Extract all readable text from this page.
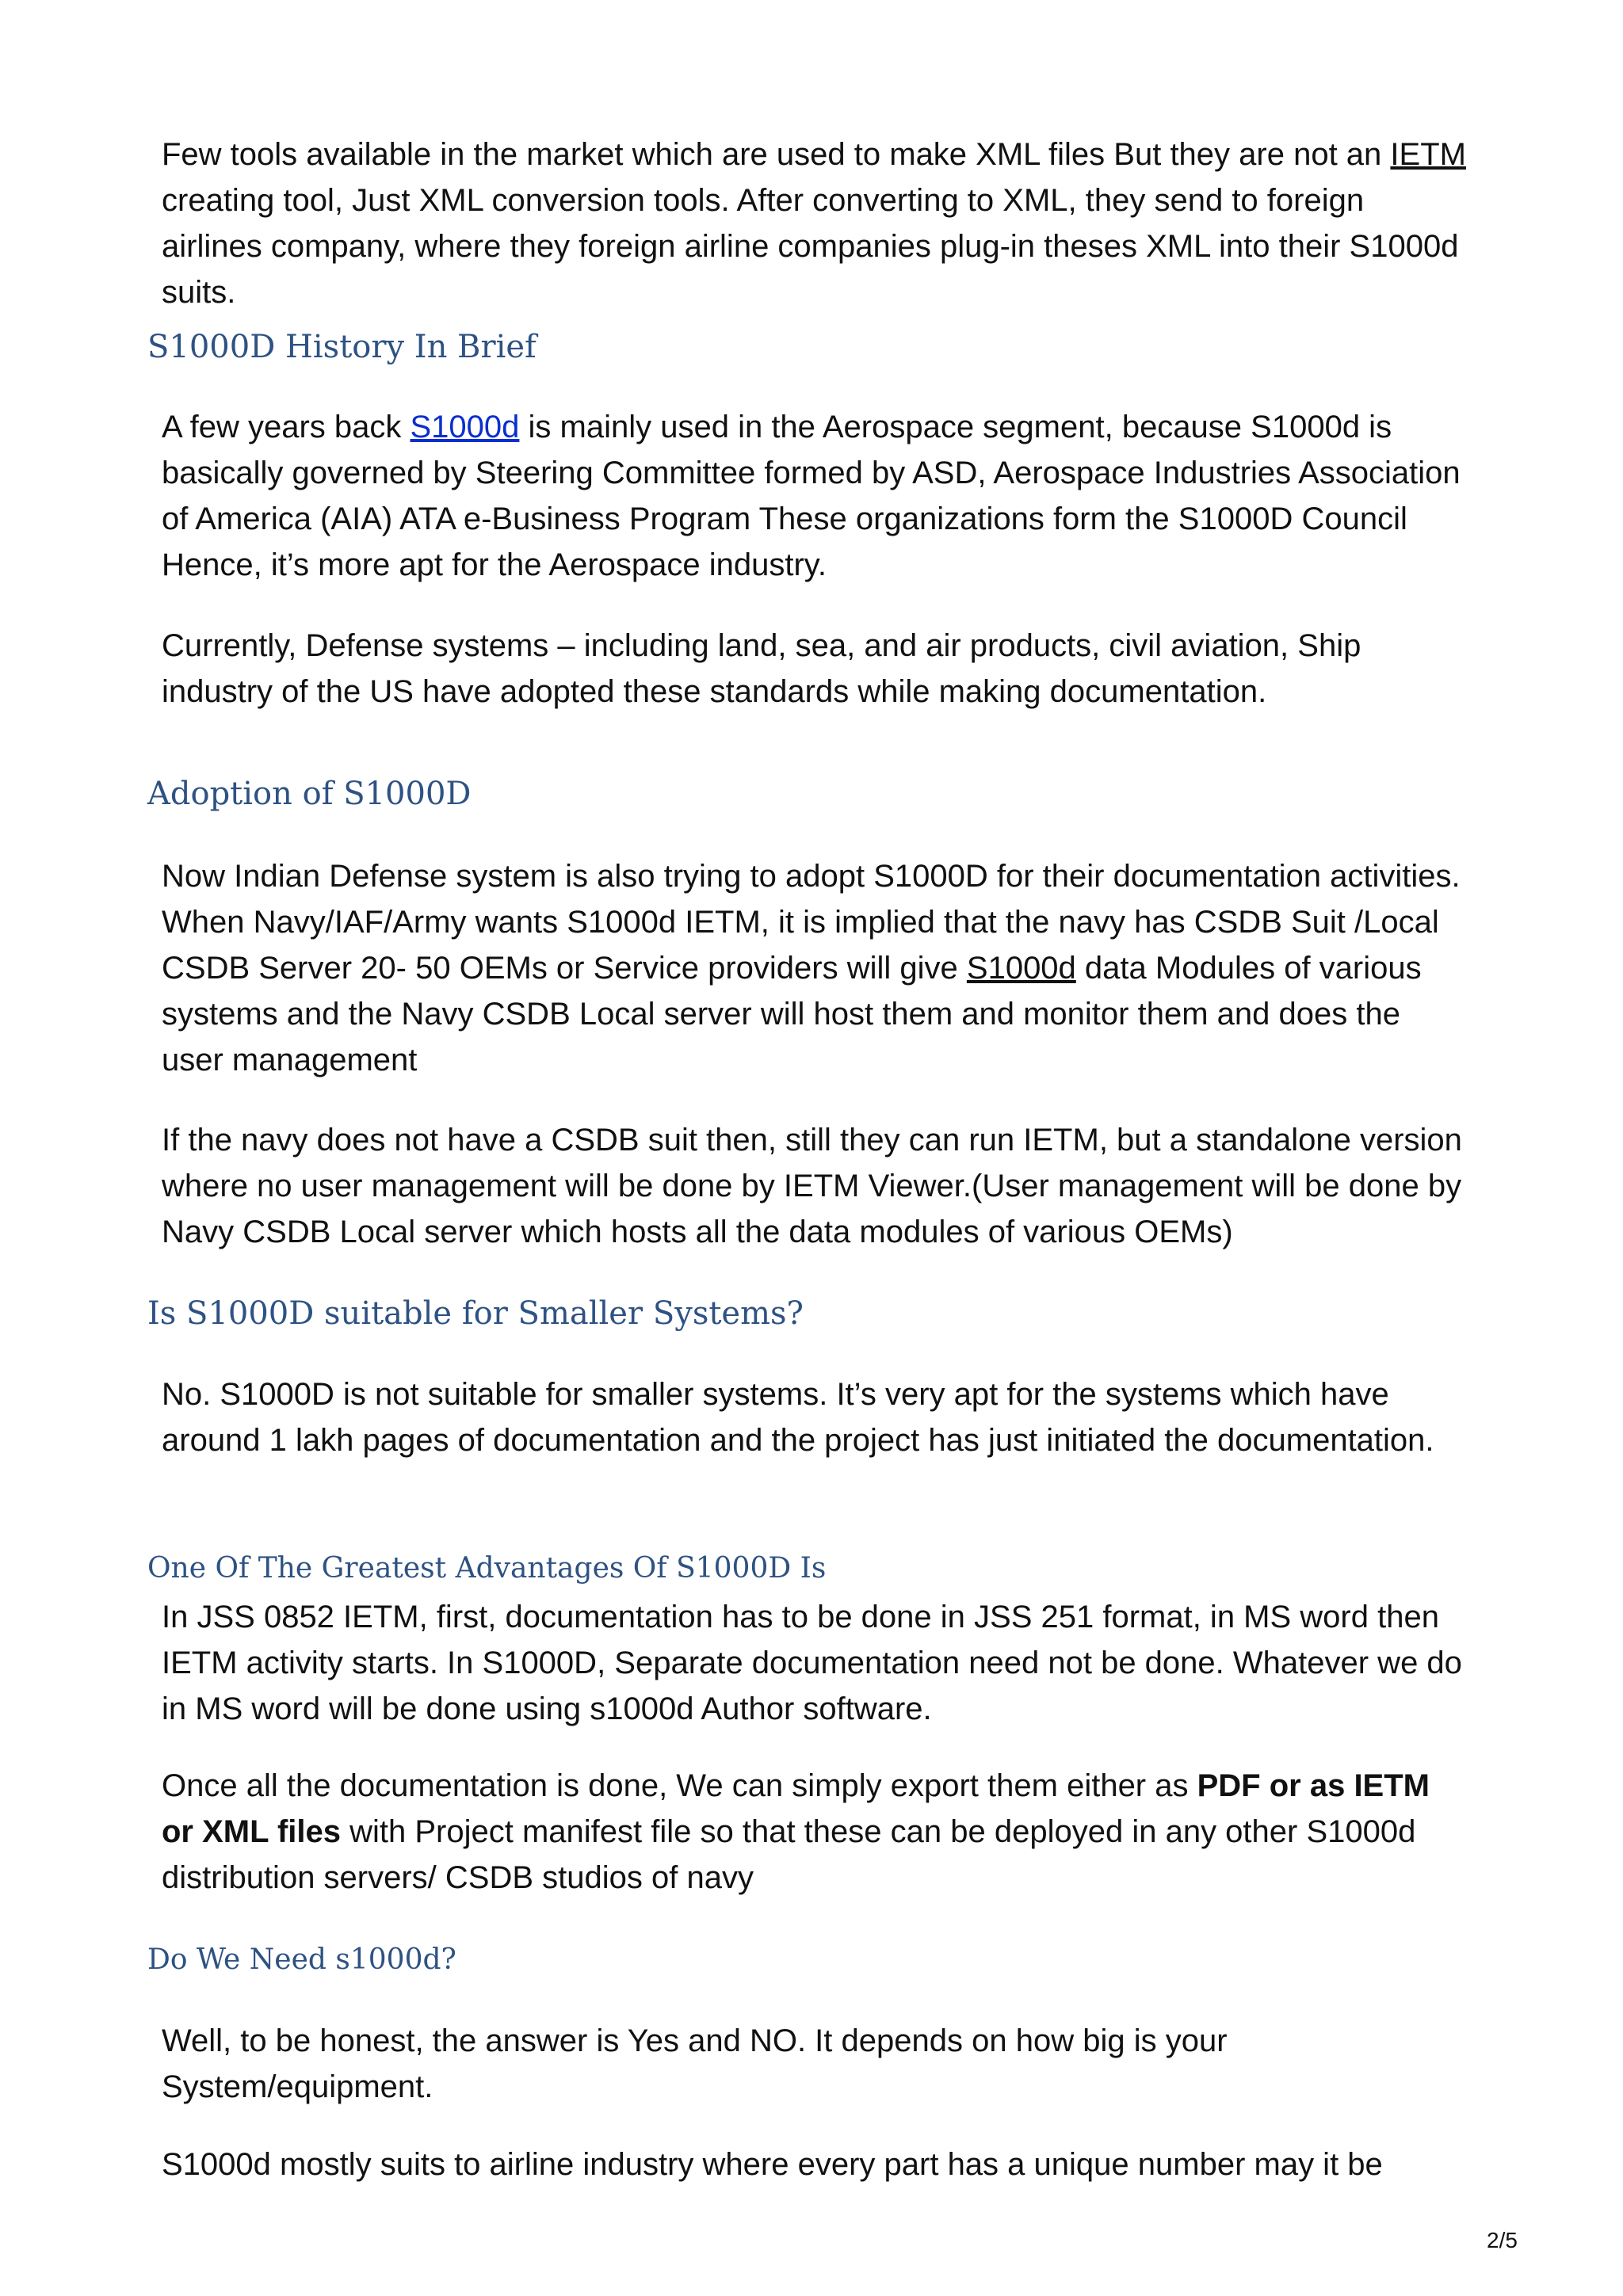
Few tools available in the market which are used to make XML files But they are not an IETM creating tool, Just XML conversion tools. After converting to XML, they send to foreign airlines company, where they foreign airline companies plug-in theses XML into their S1000d suits.

S1000D History In Brief

A few years back S1000d is mainly used in the Aerospace segment, because S1000d is basically governed by Steering Committee formed by ASD, Aerospace Industries Association of America (AIA) ATA e-Business Program These organizations form the S1000D Council Hence, it’s more apt for the Aerospace industry.

Currently, Defense systems – including land, sea, and air products, civil aviation, Ship industry of the US have adopted these standards while making documentation.

Adoption of S1000D

Now Indian Defense system is also trying to adopt S1000D for their documentation activities. When Navy/IAF/Army wants S1000d IETM, it is implied that the navy has CSDB Suit /Local CSDB Server 20- 50 OEMs or Service providers will give S1000d data Modules of various systems and the Navy CSDB Local server will host them and monitor them and does the user management

If the navy does not have a CSDB suit then, still they can run IETM, but a standalone version where no user management will be done by IETM Viewer.(User management will be done by Navy CSDB Local server which hosts all the data modules of various OEMs)

Is S1000D suitable for Smaller Systems?

No. S1000D is not suitable for smaller systems. It’s very apt for the systems which have around 1 lakh pages of documentation and the project has just initiated the documentation.

One Of The Greatest Advantages Of S1000D Is

In JSS 0852 IETM, first, documentation has to be done in JSS 251 format, in MS word then IETM activity starts. In S1000D, Separate documentation need not be done. Whatever we do in MS word will be done using s1000d Author software.

Once all the documentation is done, We can simply export them either as PDF or as IETM or XML files with Project manifest file so that these can be deployed in any other S1000d distribution servers/ CSDB studios of navy

Do We Need s1000d?

Well, to be honest, the answer is Yes and NO. It depends on how big is your System/equipment.

S1000d mostly suits to airline industry where every part has a unique number may it be

2/5
